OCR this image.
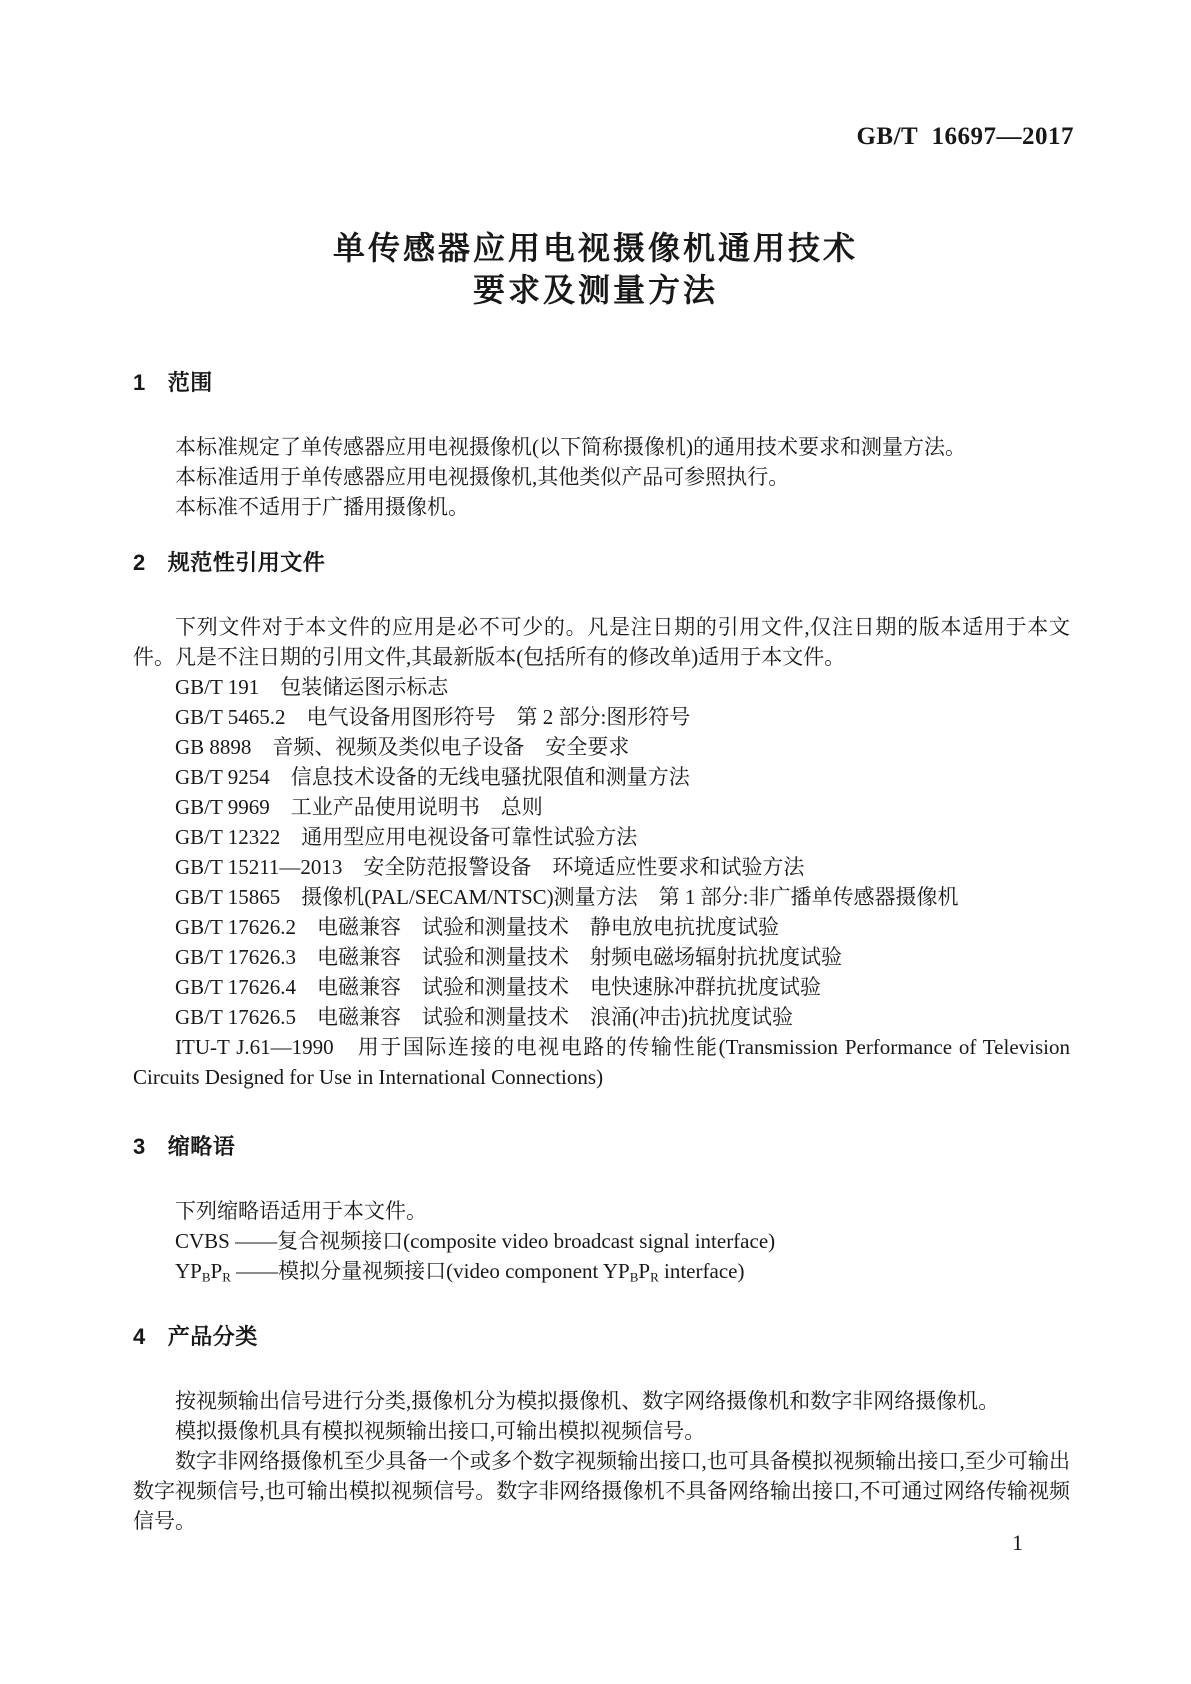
GB/T 16697—2017
单传感器应用电视摄像机通用技术
要求及测量方法
1 范围

本标准规定了单传感器应用电视摄像机(以下简称摄像机)的通用技术要求和测量方法。

本标准适用于单传感器应用电视摄像机,其他类似产品可参照执行。

本标准不适用于广播用摄像机。

2 规范性引用文件

下列文件对于本文件的应用是必不可少的。凡是注日期的引用文件,仅注日期的版本适用于本文件。凡是不注日期的引用文件,其最新版本(包括所有的修改单)适用于本文件。

GB/T 191　包装储运图示标志

GB/T 5465.2　电气设备用图形符号　第 2 部分:图形符号

GB 8898　音频、视频及类似电子设备　安全要求

GB/T 9254　信息技术设备的无线电骚扰限值和测量方法

GB/T 9969　工业产品使用说明书　总则

GB/T 12322　通用型应用电视设备可靠性试验方法

GB/T 15211—2013　安全防范报警设备　环境适应性要求和试验方法

GB/T 15865　摄像机(PAL/SECAM/NTSC)测量方法　第 1 部分:非广播单传感器摄像机

GB/T 17626.2　电磁兼容　试验和测量技术　静电放电抗扰度试验

GB/T 17626.3　电磁兼容　试验和测量技术　射频电磁场辐射抗扰度试验

GB/T 17626.4　电磁兼容　试验和测量技术　电快速脉冲群抗扰度试验

GB/T 17626.5　电磁兼容　试验和测量技术　浪涌(冲击)抗扰度试验

ITU-T J.61—1990　用于国际连接的电视电路的传输性能(Transmission Performance of Television Circuits Designed for Use in International Connections)

3 缩略语

下列缩略语适用于本文件。

CVBS ——复合视频接口(composite video broadcast signal interface)

$YP_BP_R$ ——模拟分量视频接口(video component $YP_BP_R$ interface)

4 产品分类

按视频输出信号进行分类,摄像机分为模拟摄像机、数字网络摄像机和数字非网络摄像机。

模拟摄像机具有模拟视频输出接口,可输出模拟视频信号。

数字非网络摄像机至少具备一个或多个数字视频输出接口,也可具备模拟视频输出接口,至少可输出数字视频信号,也可输出模拟视频信号。数字非网络摄像机不具备网络输出接口,不可通过网络传输视频信号。

1
